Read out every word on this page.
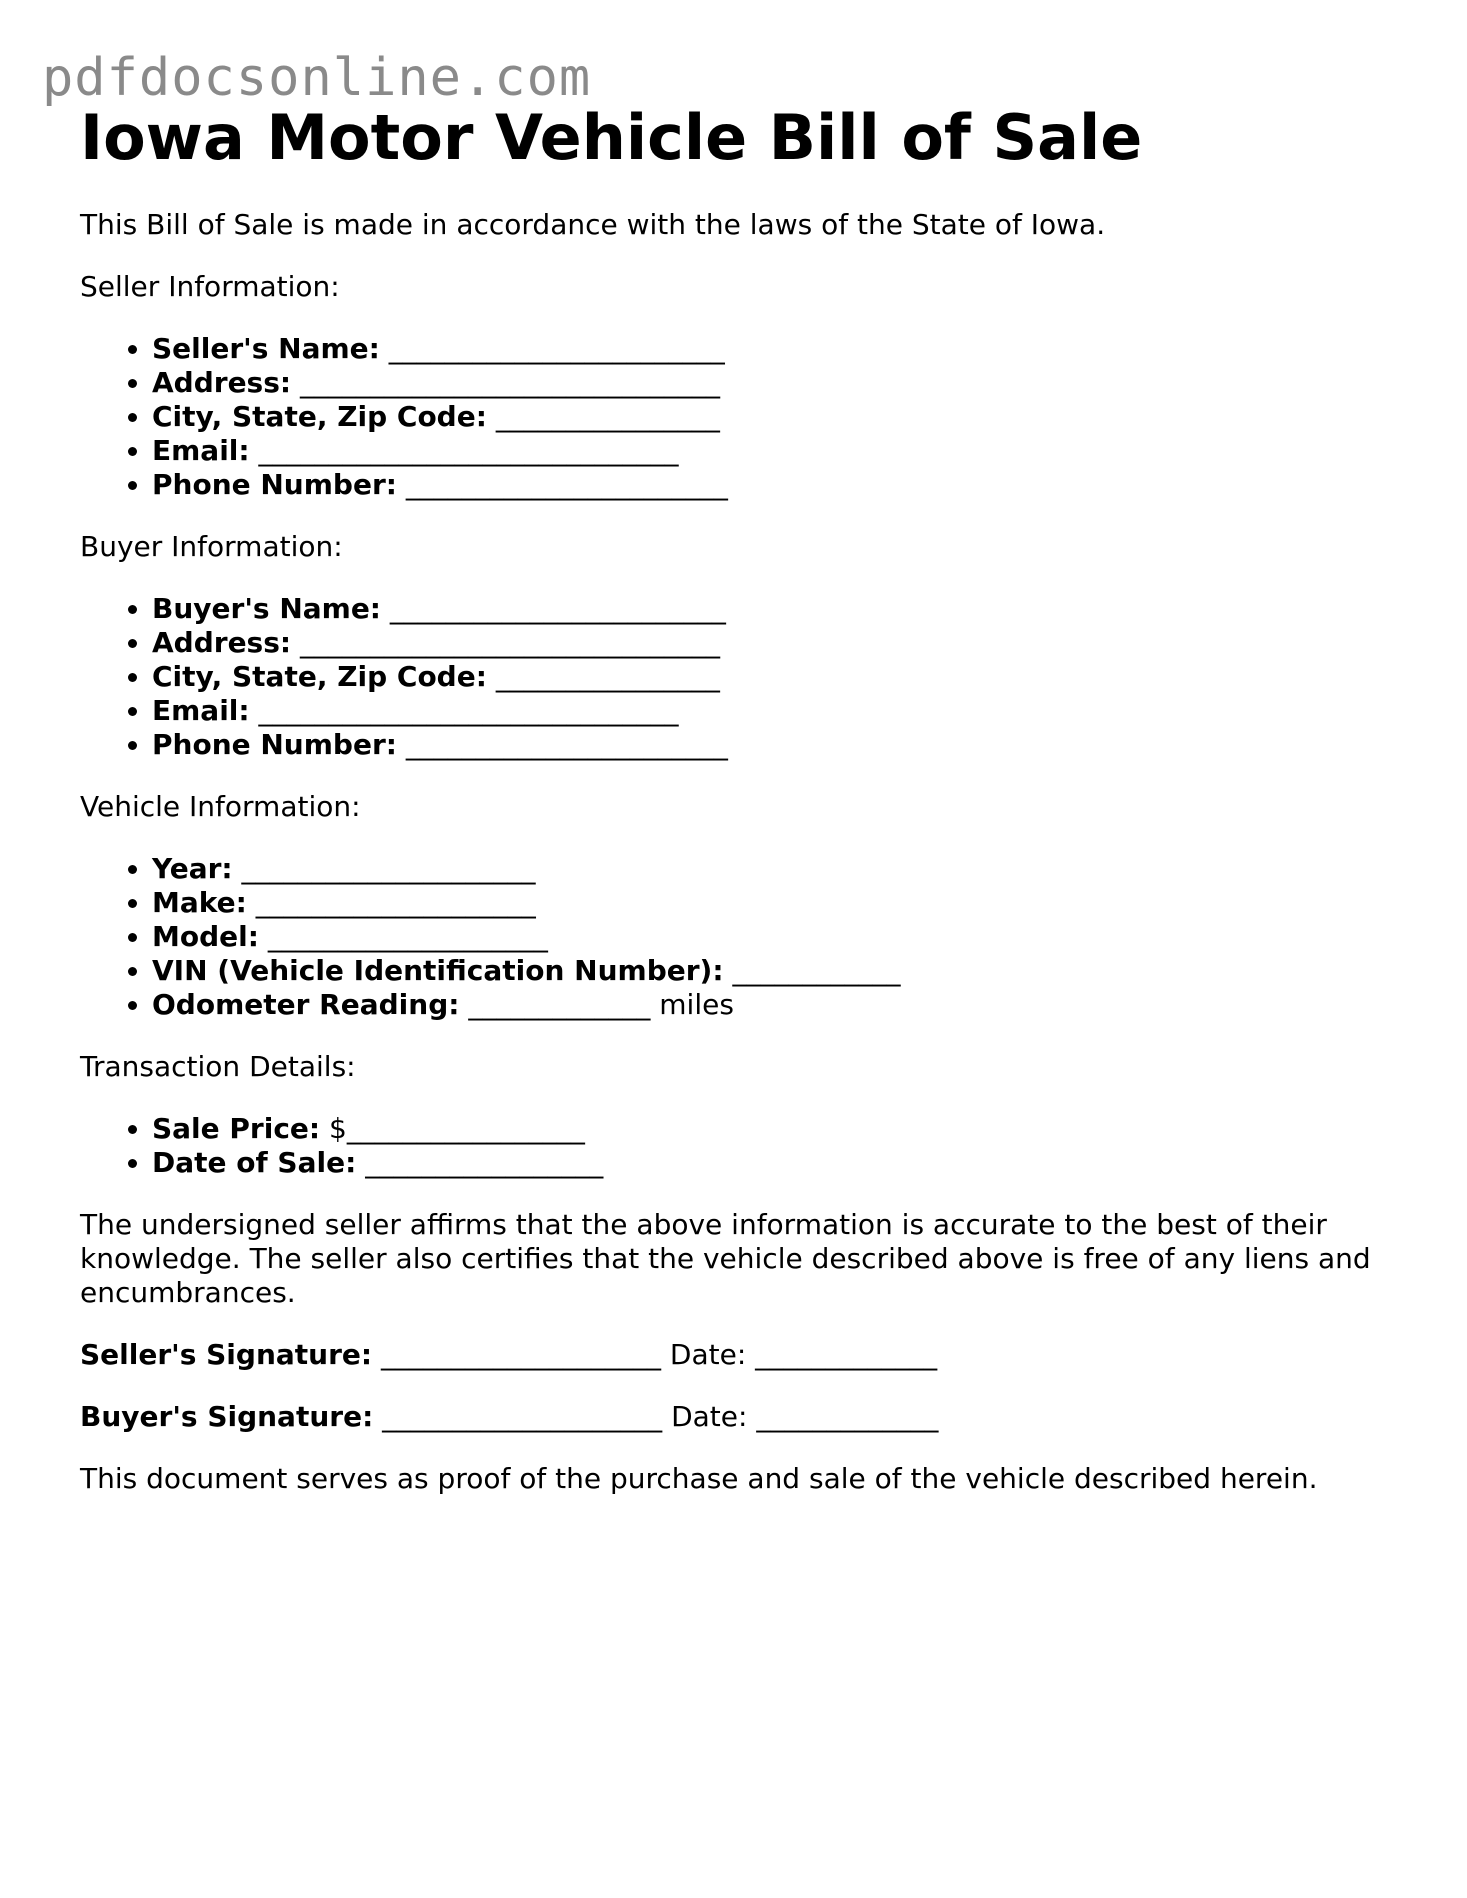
pdfdocsonline.com
Iowa Motor Vehicle Bill of Sale

This Bill of Sale is made in accordance with the laws of the State of Iowa.

Seller Information:

• Seller's Name: ________________________
• Address: ______________________________
• City, State, Zip Code: ________________
• Email: ______________________________
• Phone Number: _______________________

Buyer Information:

• Buyer's Name: ________________________
• Address: ______________________________
• City, State, Zip Code: ________________
• Email: ______________________________
• Phone Number: _______________________

Vehicle Information:

• Year: _____________________
• Make: ____________________
• Model: ____________________
• VIN (Vehicle Identification Number): ____________
• Odometer Reading: _____________ miles

Transaction Details:

• Sale Price: $_________________
• Date of Sale: _________________

The undersigned seller affirms that the above information is accurate to the best of their knowledge. The seller also certifies that the vehicle described above is free of any liens and encumbrances.

Seller's Signature: ____________________ Date: _____________

Buyer's Signature: ____________________ Date: _____________

This document serves as proof of the purchase and sale of the vehicle described herein.
